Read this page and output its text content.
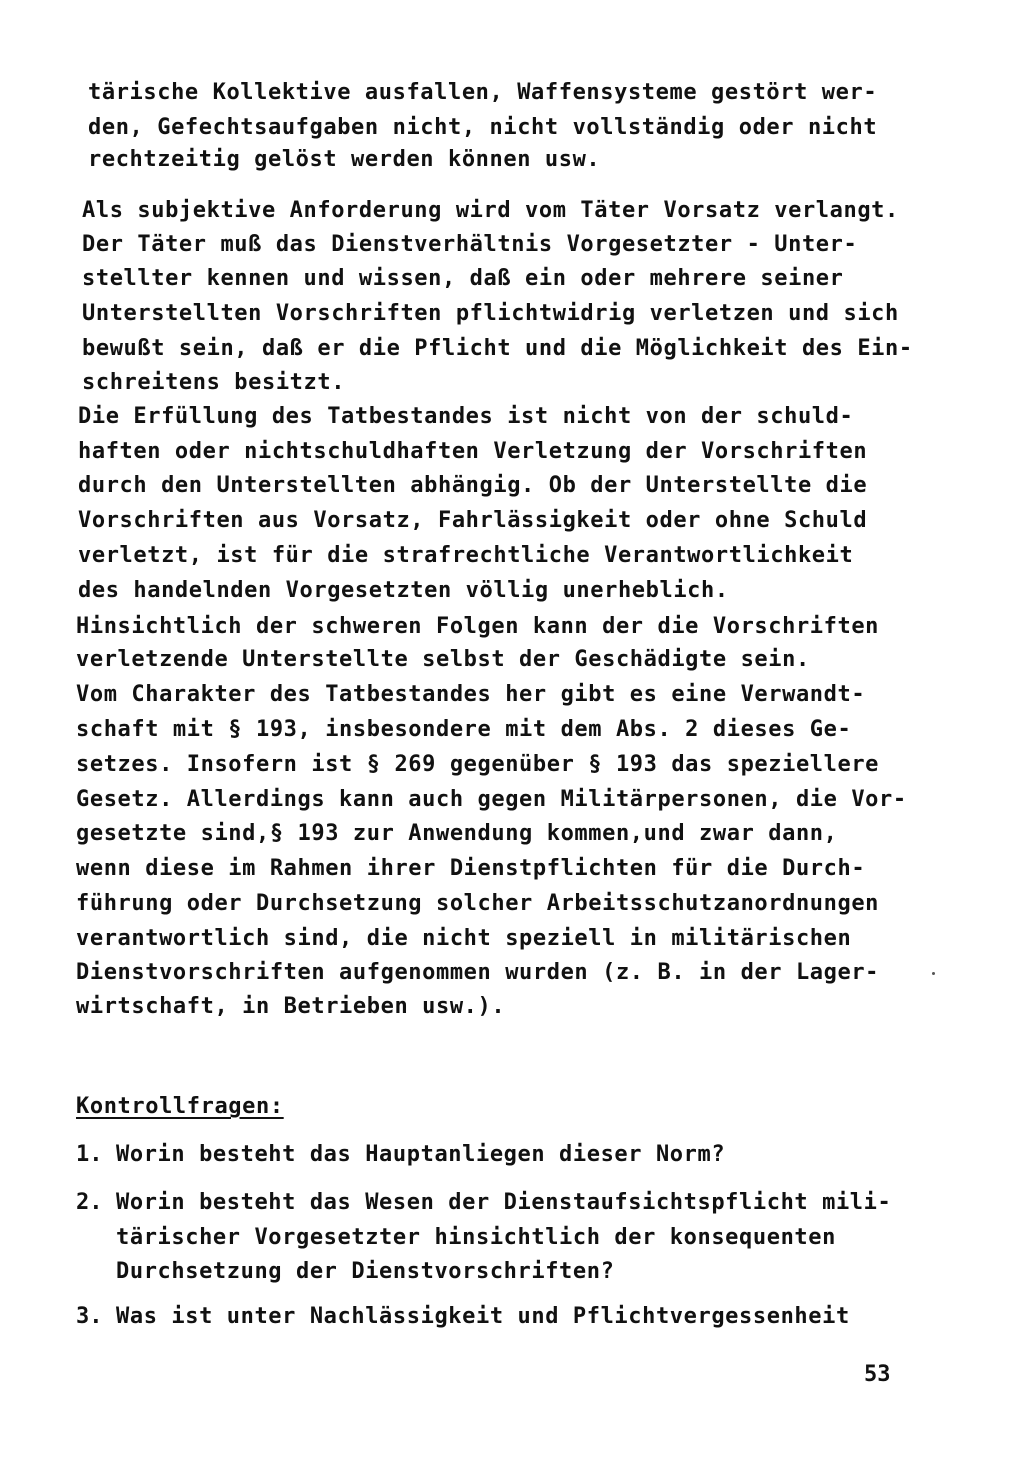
tärische Kollektive ausfallen, Waffensysteme gestört wer-
den, Gefechtsaufgaben nicht, nicht vollständig oder nicht
rechtzeitig gelöst werden können usw.
Als subjektive Anforderung wird vom Täter Vorsatz verlangt.
Der Täter muß das Dienstverhältnis Vorgesetzter - Unter-
stellter kennen und wissen, daß ein oder mehrere seiner
Unterstellten Vorschriften pflichtwidrig verletzen und sich
bewußt sein, daß er die Pflicht und die Möglichkeit des Ein-
schreitens besitzt.
Die Erfüllung des Tatbestandes ist nicht von der schuld-
haften oder nichtschuldhaften Verletzung der Vorschriften
durch den Unterstellten abhängig. Ob der Unterstellte die
Vorschriften aus Vorsatz, Fahrlässigkeit oder ohne Schuld
verletzt, ist für die strafrechtliche Verantwortlichkeit
des handelnden Vorgesetzten völlig unerheblich.
Hinsichtlich der schweren Folgen kann der die Vorschriften
verletzende Unterstellte selbst der Geschädigte sein.
Vom Charakter des Tatbestandes her gibt es eine Verwandt-
schaft mit § 193, insbesondere mit dem Abs. 2 dieses Ge-
setzes. Insofern ist § 269 gegenüber § 193 das speziellere
Gesetz. Allerdings kann auch gegen Militärpersonen, die Vor-
gesetzte sind,§ 193 zur Anwendung kommen,und zwar dann,
wenn diese im Rahmen ihrer Dienstpflichten für die Durch-
führung oder Durchsetzung solcher Arbeitsschutzanordnungen
verantwortlich sind, die nicht speziell in militärischen
Dienstvorschriften aufgenommen wurden (z. B. in der Lager-
wirtschaft, in Betrieben usw.).
Kontrollfragen:
1. Worin besteht das Hauptanliegen dieser Norm?
2. Worin besteht das Wesen der Dienstaufsichtspflicht mili-
tärischer Vorgesetzter hinsichtlich der konsequenten
Durchsetzung der Dienstvorschriften?
3. Was ist unter Nachlässigkeit und Pflichtvergessenheit
53
